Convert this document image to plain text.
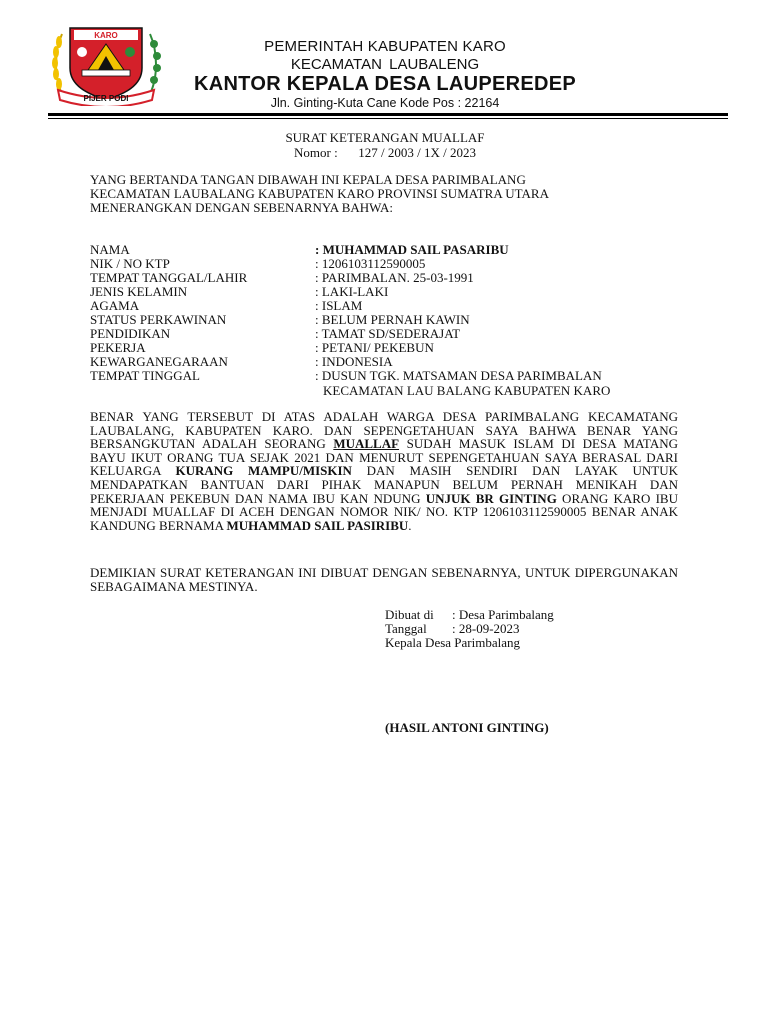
KARO
PIJER PODI
PEMERINTAH KABUPATEN KARO
KECAMATAN LAUBALENG
KANTOR KEPALA DESA LAUPEREDEP
Jln. Ginting-Kuta Cane Kode Pos : 22164
SURAT KETERANGAN MUALLAF
Nomor : 127 / 2003 / 1X / 2023
YANG BERTANDA TANGAN DIBAWAH INI KEPALA DESA PARIMBALANG
KECAMATAN LAUBALANG KABUPATEN KARO PROVINSI SUMATRA UTARA
MENERANGKAN DENGAN SEBENARNYA BAHWA:
NAMA	: MUHAMMAD SAIL PASARIBU
NIK / NO KTP	: 1206103112590005
TEMPAT TANGGAL/LAHIR	: PARIMBALAN. 25-03-1991
JENIS KELAMIN	: LAKI-LAKI
AGAMA	: ISLAM
STATUS PERKAWINAN	: BELUM PERNAH KAWIN
PENDIDIKAN	: TAMAT SD/SEDERAJAT
PEKERJA	: PETANI/ PEKEBUN
KEWARGANEGARAAN	: INDONESIA
TEMPAT TINGGAL	: DUSUN TGK. MATSAMAN DESA PARIMBALAN
KECAMATAN LAU BALANG KABUPATEN KARO
BENAR YANG TERSEBUT DI ATAS ADALAH WARGA DESA PARIMBALANG KECAMATANG LAUBALANG, KABUPATEN KARO. DAN SEPENGETAHUAN SAYA BAHWA BENAR YANG BERSANGKUTAN ADALAH SEORANG MUALLAF SUDAH MASUK ISLAM DI DESA MATANG BAYU IKUT ORANG TUA SEJAK 2021 DAN MENURUT SEPENGETAHUAN SAYA BERASAL DARI KELUARGA KURANG MAMPU/MISKIN DAN MASIH SENDIRI DAN LAYAK UNTUK MENDAPATKAN BANTUAN DARI PIHAK MANAPUN BELUM PERNAH MENIKAH DAN PEKERJAAN PEKEBUN DAN NAMA IBU KAN NDUNG UNJUK BR GINTING ORANG KARO IBU MENJADI MUALLAF DI ACEH DENGAN NOMOR NIK/ NO. KTP 1206103112590005 BENAR ANAK KANDUNG BERNAMA MUHAMMAD SAIL PASIRIBU.
DEMIKIAN SURAT KETERANGAN INI DIBUAT DENGAN SEBENARNYA, UNTUK DIPERGUNAKAN SEBAGAIMANA MESTINYA.
Dibuat di : Desa Parimbalang
Tanggal : 28-09-2023
Kepala Desa Parimbalang
(HASIL ANTONI GINTING)
